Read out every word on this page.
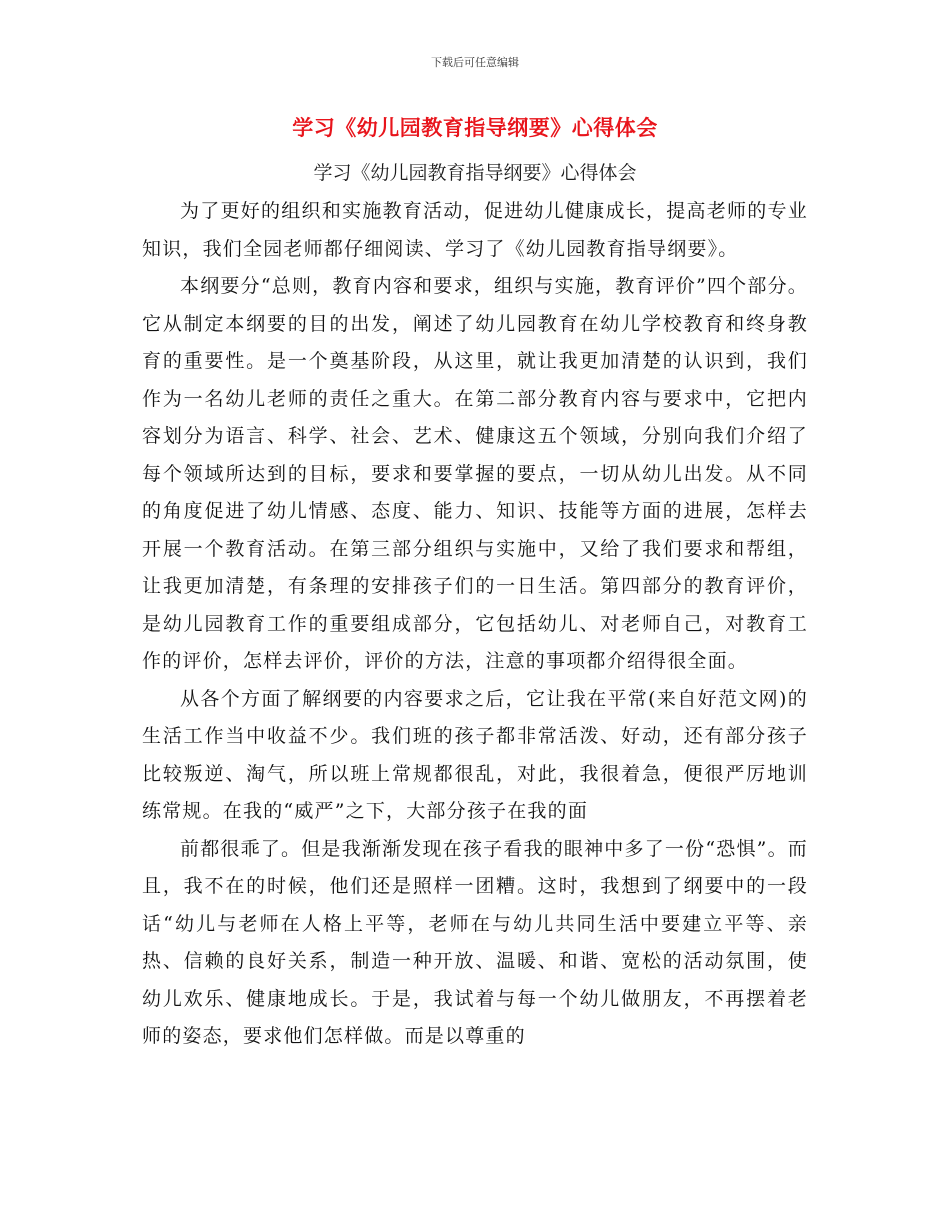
下载后可任意编辑
学习《幼儿园教育指导纲要》心得体会
学习《幼儿园教育指导纲要》心得体会

为了更好的组织和实施教育活动，促进幼儿健康成长，提高老师的专业知识，我们全园老师都仔细阅读、学习了《幼儿园教育指导纲要》。

本纲要分“总则，教育内容和要求，组织与实施，教育评价”四个部分。它从制定本纲要的目的出发，阐述了幼儿园教育在幼儿学校教育和终身教育的重要性。是一个奠基阶段，从这里，就让我更加清楚的认识到，我们作为一名幼儿老师的责任之重大。在第二部分教育内容与要求中，它把内容划分为语言、科学、社会、艺术、健康这五个领域，分别向我们介绍了每个领域所达到的目标，要求和要掌握的要点，一切从幼儿出发。从不同的角度促进了幼儿情感、态度、能力、知识、技能等方面的进展，怎样去开展一个教育活动。在第三部分组织与实施中，又给了我们要求和帮组，让我更加清楚，有条理的安排孩子们的一日生活。第四部分的教育评价，是幼儿园教育工作的重要组成部分，它包括幼儿、对老师自己，对教育工作的评价，怎样去评价，评价的方法，注意的事项都介绍得很全面。

从各个方面了解纲要的内容要求之后，它让我在平常(来自好范文网)的生活工作当中收益不少。我们班的孩子都非常活泼、好动，还有部分孩子比较叛逆、淘气，所以班上常规都很乱，对此，我很着急，便很严厉地训练常规。在我的“威严”之下，大部分孩子在我的面

前都很乖了。但是我渐渐发现在孩子看我的眼神中多了一份“恐惧”。而且，我不在的时候，他们还是照样一团糟。这时，我想到了纲要中的一段话“幼儿与老师在人格上平等，老师在与幼儿共同生活中要建立平等、亲热、信赖的良好关系，制造一种开放、温暖、和谐、宽松的活动氛围，使幼儿欢乐、健康地成长。于是，我试着与每一个幼儿做朋友，不再摆着老师的姿态，要求他们怎样做。而是以尊重的
